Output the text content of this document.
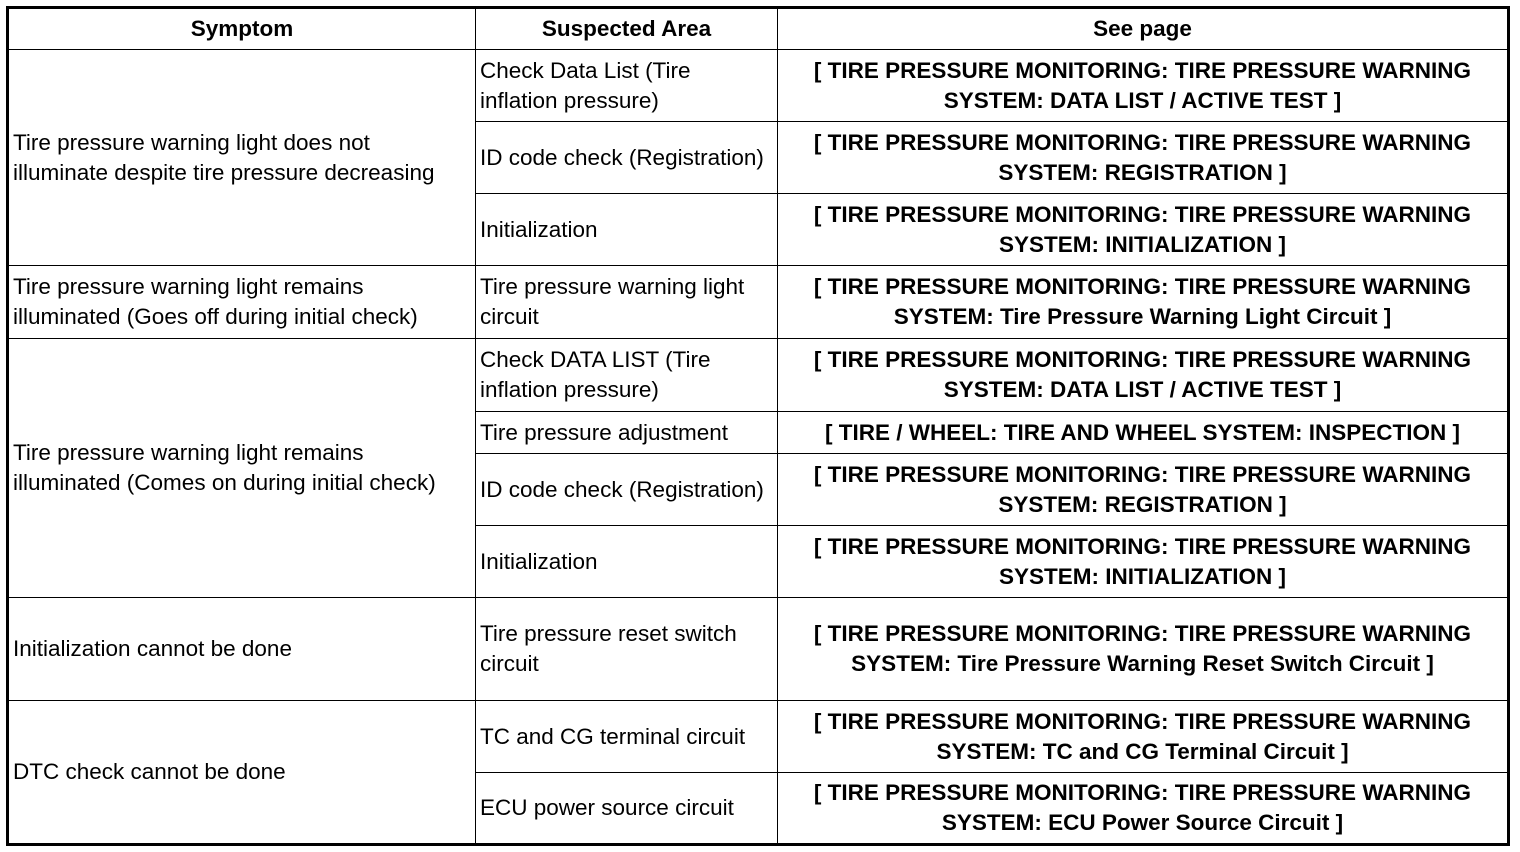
Symptom	Suspected Area	See page
Tire pressure warning light does not illuminate despite tire pressure decreasing	Check Data List (Tire inflation pressure)	[ TIRE PRESSURE MONITORING: TIRE PRESSURE WARNING SYSTEM: DATA LIST / ACTIVE TEST ]
	ID code check (Registration)	[ TIRE PRESSURE MONITORING: TIRE PRESSURE WARNING SYSTEM: REGISTRATION ]
	Initialization	[ TIRE PRESSURE MONITORING: TIRE PRESSURE WARNING SYSTEM: INITIALIZATION ]
Tire pressure warning light remains illuminated (Goes off during initial check)	Tire pressure warning light circuit	[ TIRE PRESSURE MONITORING: TIRE PRESSURE WARNING SYSTEM: Tire Pressure Warning Light Circuit ]
Tire pressure warning light remains illuminated (Comes on during initial check)	Check DATA LIST (Tire inflation pressure)	[ TIRE PRESSURE MONITORING: TIRE PRESSURE WARNING SYSTEM: DATA LIST / ACTIVE TEST ]
	Tire pressure adjustment	[ TIRE / WHEEL: TIRE AND WHEEL SYSTEM: INSPECTION ]
	ID code check (Registration)	[ TIRE PRESSURE MONITORING: TIRE PRESSURE WARNING SYSTEM: REGISTRATION ]
	Initialization	[ TIRE PRESSURE MONITORING: TIRE PRESSURE WARNING SYSTEM: INITIALIZATION ]
Initialization cannot be done	Tire pressure reset switch circuit	[ TIRE PRESSURE MONITORING: TIRE PRESSURE WARNING SYSTEM: Tire Pressure Warning Reset Switch Circuit ]
DTC check cannot be done	TC and CG terminal circuit	[ TIRE PRESSURE MONITORING: TIRE PRESSURE WARNING SYSTEM: TC and CG Terminal Circuit ]
	ECU power source circuit	[ TIRE PRESSURE MONITORING: TIRE PRESSURE WARNING SYSTEM: ECU Power Source Circuit ]
